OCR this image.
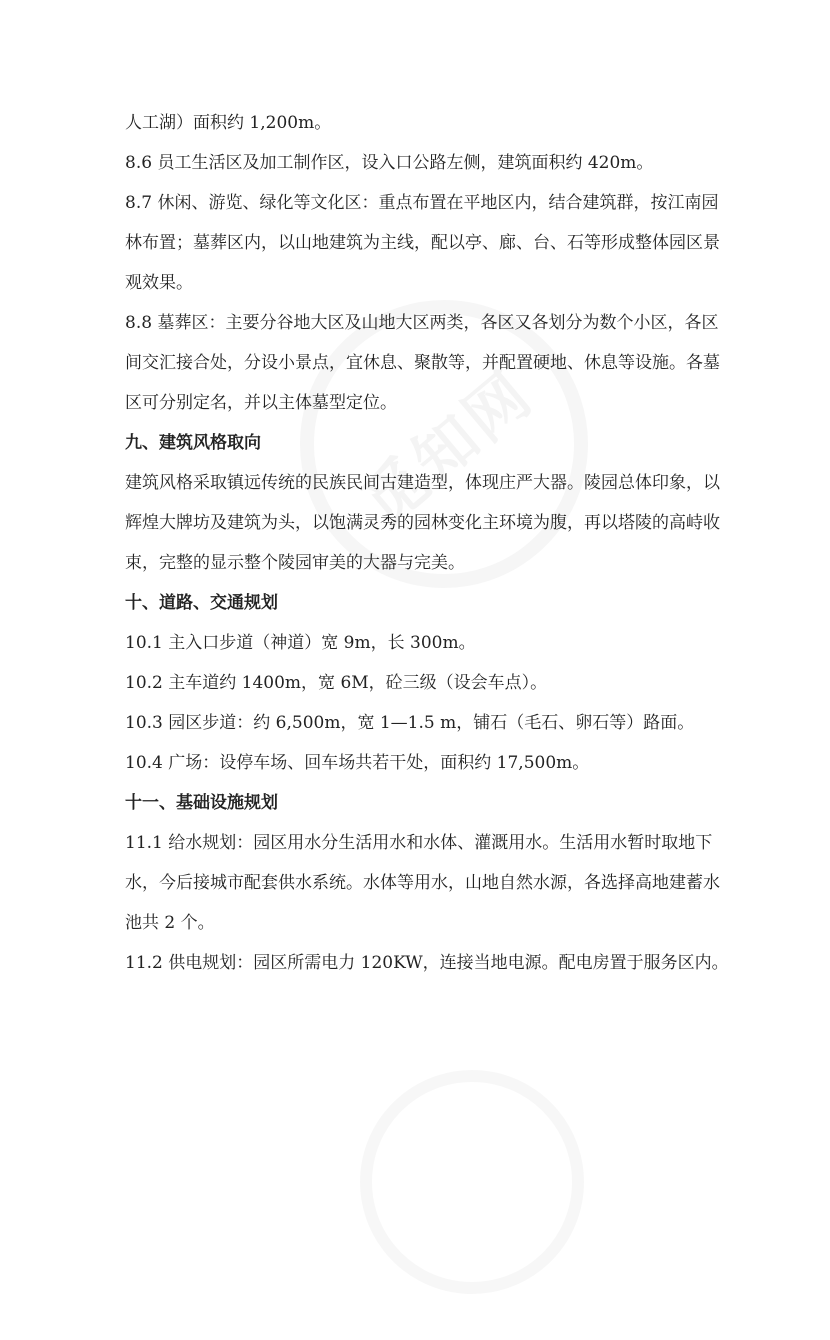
人工湖）面积约 1,200m。
8.6 员工生活区及加工制作区，设入口公路左侧，建筑面积约 420m。
8.7 休闲、游览、绿化等文化区：重点布置在平地区内，结合建筑群，按江南园
林布置；墓葬区内，以山地建筑为主线，配以亭、廊、台、石等形成整体园区景
观效果。
8.8 墓葬区：主要分谷地大区及山地大区两类，各区又各划分为数个小区，各区
间交汇接合处，分设小景点，宜休息、聚散等，并配置硬地、休息等设施。各墓
区可分别定名，并以主体墓型定位。
九、建筑风格取向
建筑风格采取镇远传统的民族民间古建造型，体现庄严大器。陵园总体印象，以
辉煌大牌坊及建筑为头，以饱满灵秀的园林变化主环境为腹，再以塔陵的高峙收
束，完整的显示整个陵园审美的大器与完美。
十、道路、交通规划
10.1 主入口步道（神道）宽 9m，长 300m。
10.2 主车道约 1400m，宽 6M，砼三级（设会车点）。
10.3 园区步道：约 6,500m，宽 1—1.5 m，铺石（毛石、卵石等）路面。
10.4 广场：设停车场、回车场共若干处，面积约 17,500m。
十一、基础设施规划
11.1 给水规划：园区用水分生活用水和水体、灌溉用水。生活用水暂时取地下
水，今后接城市配套供水系统。水体等用水，山地自然水源，各选择高地建蓄水
池共 2 个。
11.2 供电规划：园区所需电力 120KW，连接当地电源。配电房置于服务区内。
